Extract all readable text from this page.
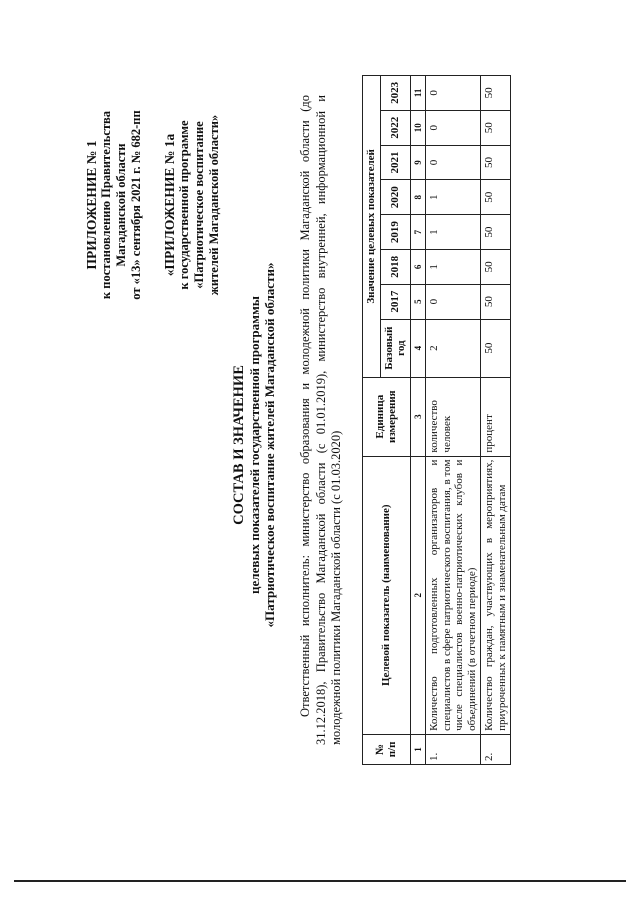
ПРИЛОЖЕНИЕ № 1 к постановлению Правительства Магаданской области от «13» сентября 2021 г. № 682-пп «ПРИЛОЖЕНИЕ № 1а к государственной программе «Патриотическое воспитание жителей Магаданской области»
СОСТАВ И ЗНАЧЕНИЕ целевых показателей государственной программы «Патриотическое воспитание жителей Магаданской области» Ответственный исполнитель: министерство образования и молодежной политики Магаданской области (до 31.12.2018), Правительство Магаданской области (с 01.01.2019), министерство внутренней, информационной и молодежной политики Магаданской области (с 01.03.2020)
№ п/п	Целевой показатель (наименование)	Единица измерения	Значение целевых показателей							
			Базовый год	2017	2018	2019	2020	2021	2022	2023
1	2	3	4	5	6	7	8	9	10	11
1.	Количество подготовленных организаторов и специалистов в сфере патриотического воспитания, в том числе специалистов военно-патриотических клубов и объединений (в отчетном периоде)	количество человек	2	0	1	1	1	0	0	0
2.	Количество граждан, участвующих в мероприятиях, приуроченных к памятным и знаменательным датам	процент	50	50	50	50	50	50	50	50
